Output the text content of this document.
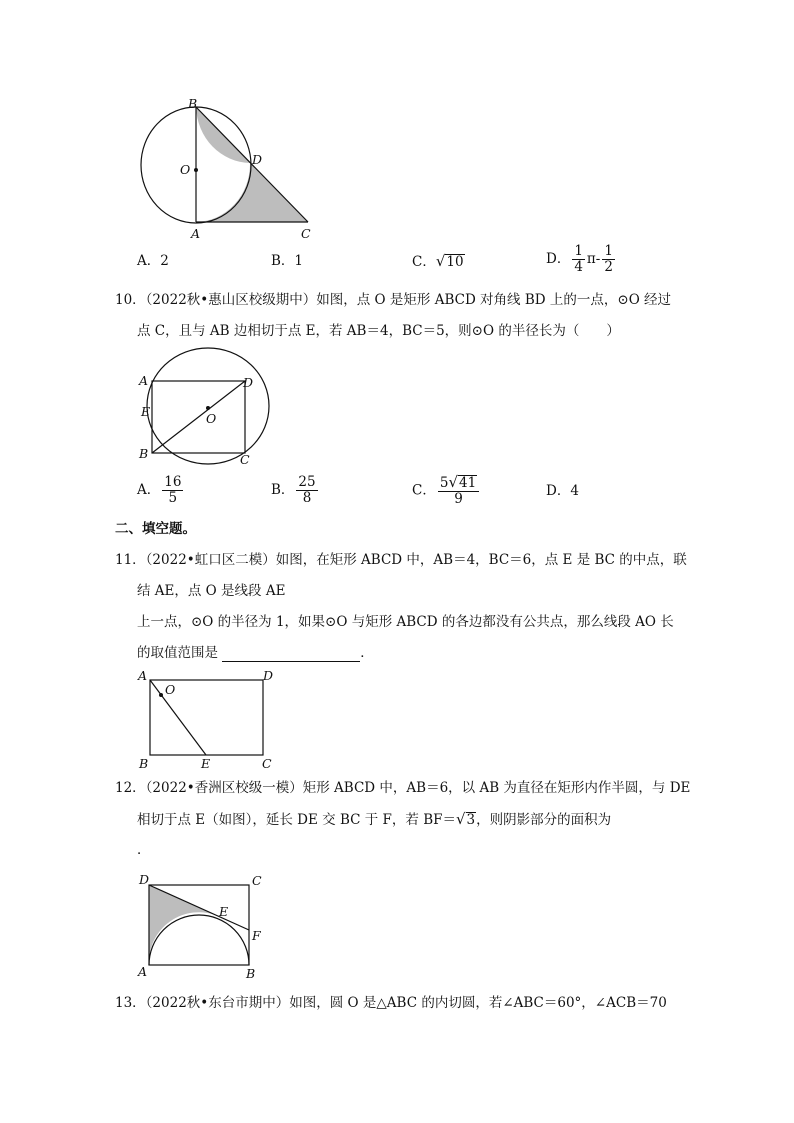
B
O
D
A	C
A．2	B．1	C．√10	D． $\frac{1}{4} \pi- \frac{1}{2}$
10．（2022秋•惠山区校级期中）如图，点 O 是矩形 ABCD 对角线 BD 上的一点，⊙O 经过
点 C，且与 AB 边相切于点 E，若 AB＝4，BC＝5，则⊙O 的半径长为（　　）
A	D
E	O
B	C
A． $\frac{16}{5}$	B． $\frac{25}{8}$	C． $\frac{5√41}{9}$	D．4
二、填空题。
11．（2022•虹口区二模）如图，在矩形 ABCD 中，AB＝4，BC＝6，点 E 是 BC 的中点，联
结 AE，点 O 是线段 AE
上一点，⊙O 的半径为 1，如果⊙O 与矩形 ABCD 的各边都没有公共点，那么线段 AO 长
的取值范围是	．
A
O
D
B	E	C
12．（2022•香洲区校级一模）矩形 ABCD 中，AB＝6，以 AB 为直径在矩形内作半圆，与 DE
相切于点 E（如图），延长 DE 交 BC 于 F，若 BF＝√3，则阴影部分的面积为
．
D	C
E
F
A	B
13．（2022秋•东台市期中）如图，圆 O 是△ABC 的内切圆，若∠ABC＝60°，∠ACB＝70
